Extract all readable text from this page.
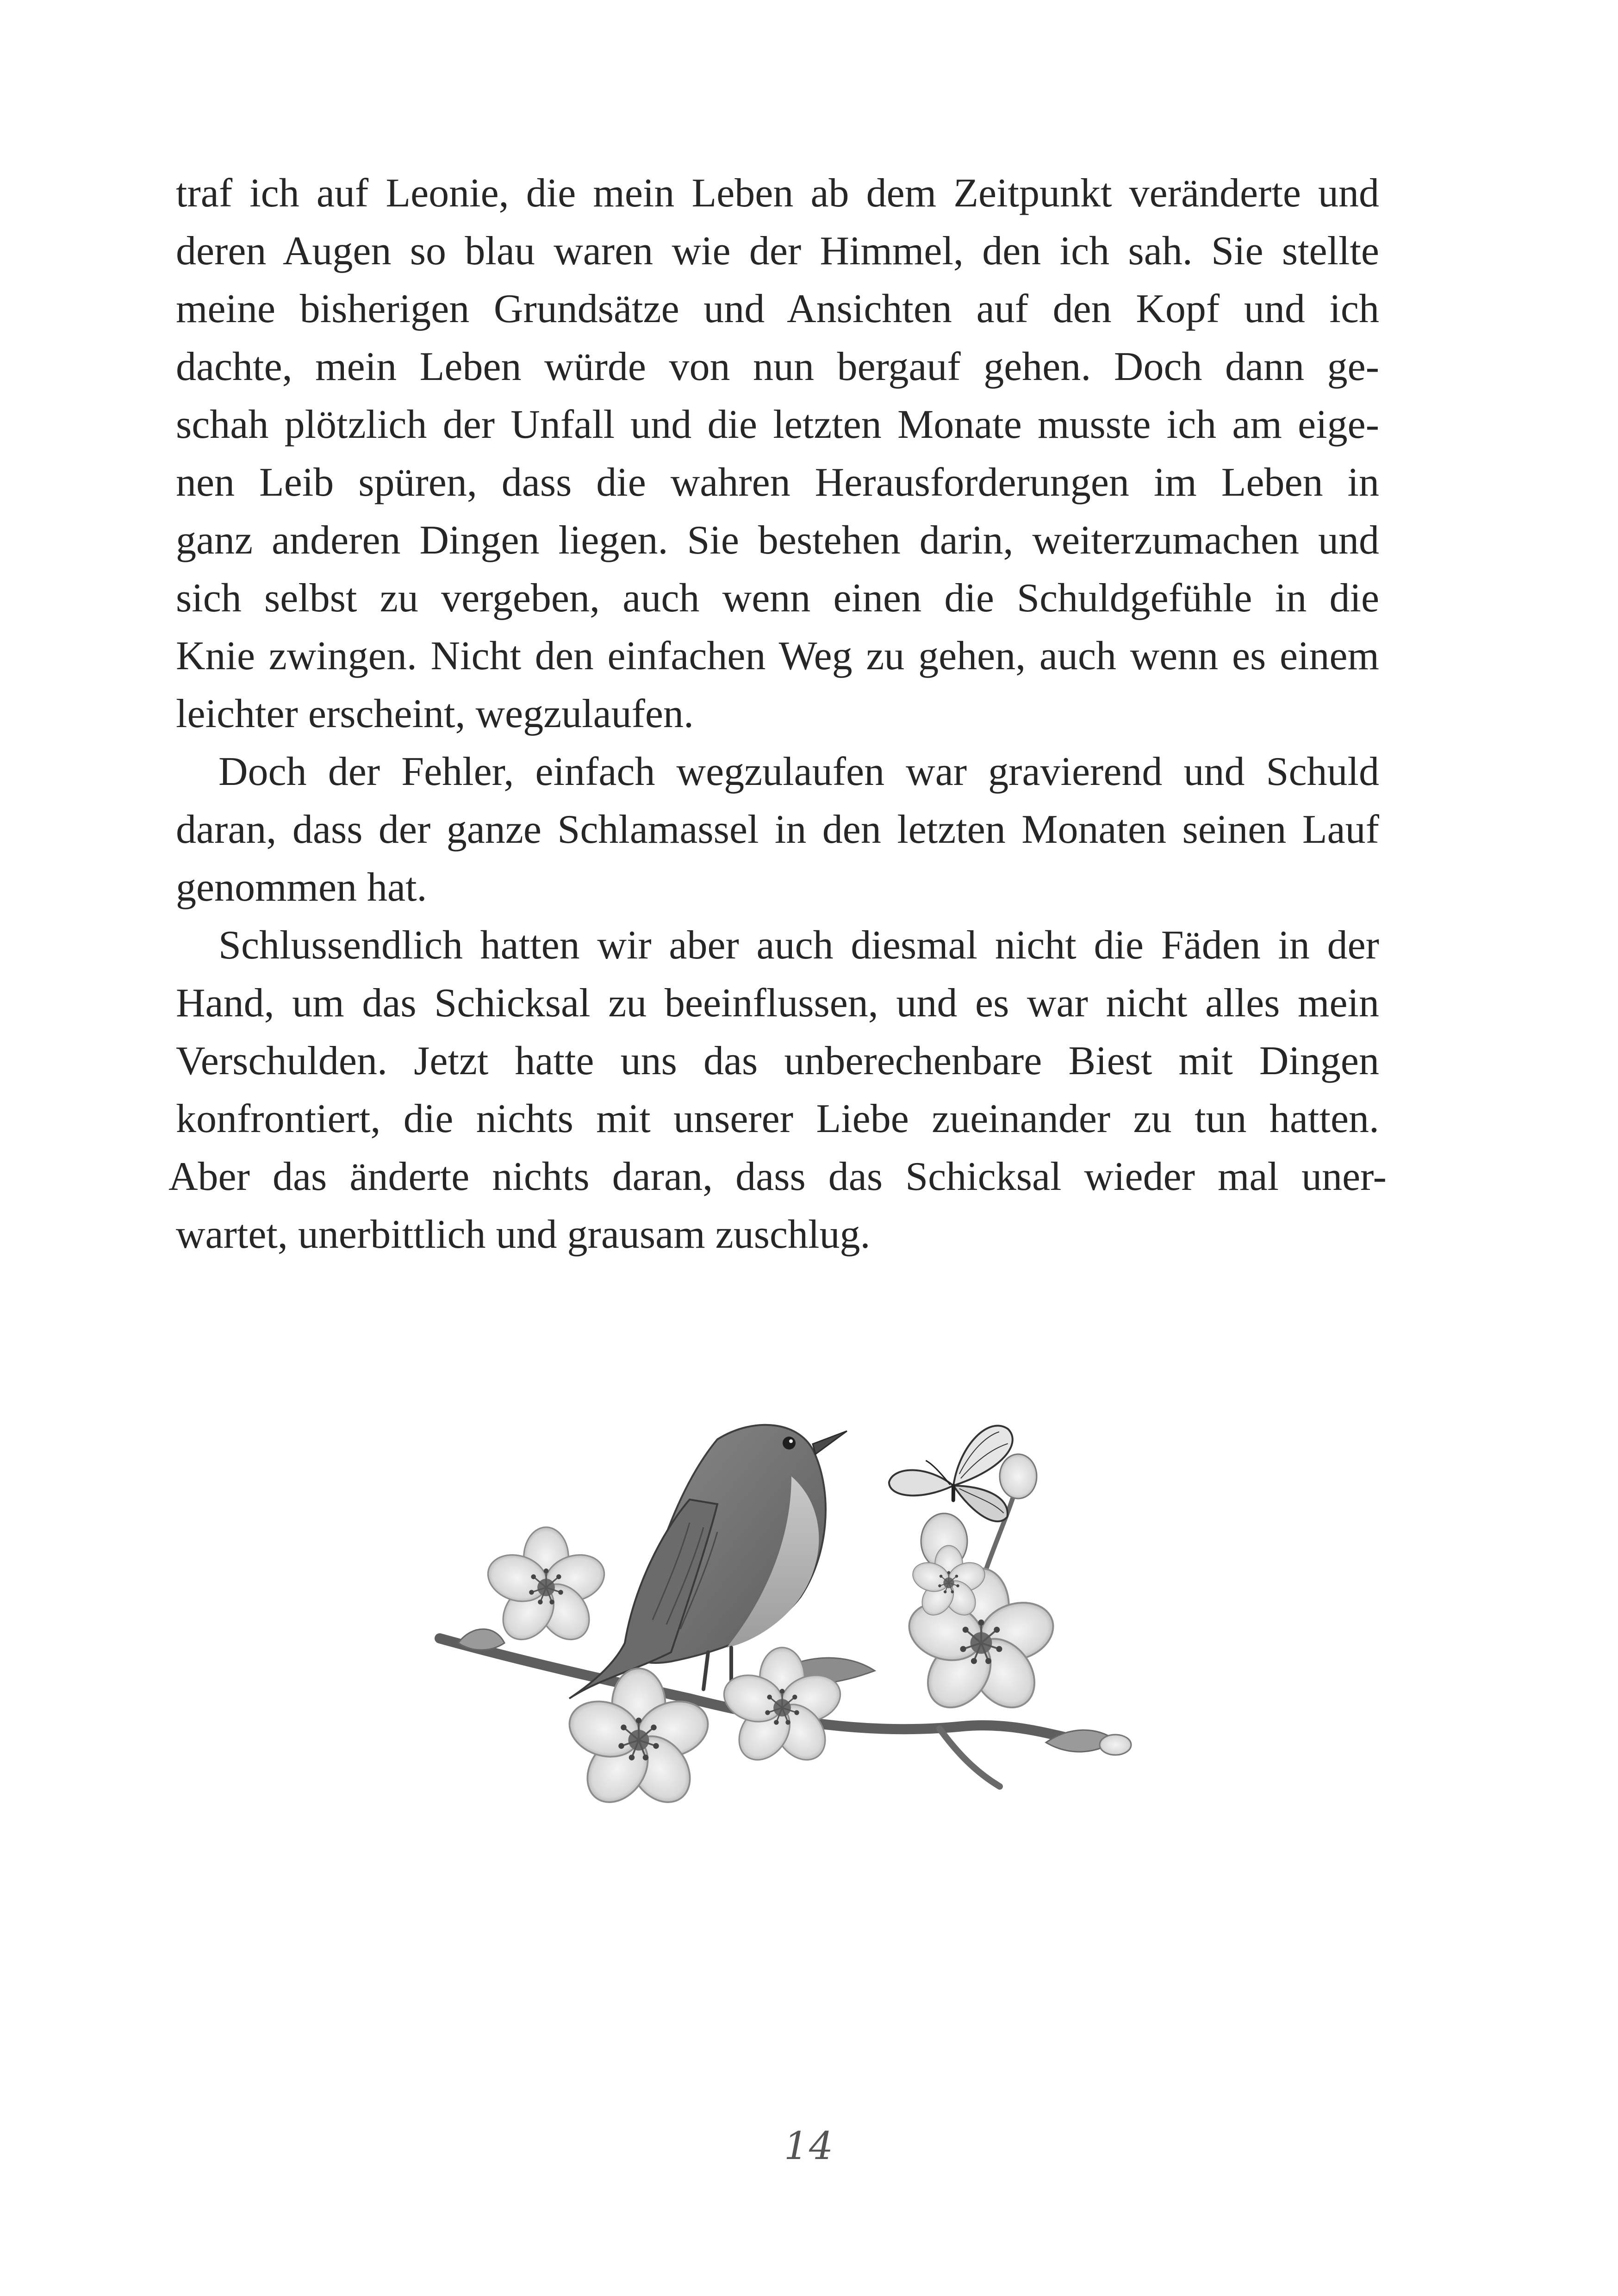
traf ich auf Leonie, die mein Leben ab dem Zeitpunkt veränderte und
deren Augen so blau waren wie der Himmel, den ich sah. Sie stellte
meine bisherigen Grundsätze und Ansichten auf den Kopf und ich
dachte, mein Leben würde von nun bergauf gehen. Doch dann ge-
schah plötzlich der Unfall und die letzten Monate musste ich am eige-
nen Leib spüren, dass die wahren Herausforderungen im Leben in
ganz anderen Dingen liegen. Sie bestehen darin, weiterzumachen und
sich selbst zu vergeben, auch wenn einen die Schuldgefühle in die
Knie zwingen. Nicht den einfachen Weg zu gehen, auch wenn es einem
leichter erscheint, wegzulaufen.
Doch der Fehler, einfach wegzulaufen war gravierend und Schuld
daran, dass der ganze Schlamassel in den letzten Monaten seinen Lauf
genommen hat.
Schlussendlich hatten wir aber auch diesmal nicht die Fäden in der
Hand, um das Schicksal zu beeinflussen, und es war nicht alles mein
Verschulden. Jetzt hatte uns das unberechenbare Biest mit Dingen
konfrontiert, die nichts mit unserer Liebe zueinander zu tun hatten.
Aber das änderte nichts daran, dass das Schicksal wieder mal uner-
wartet, unerbittlich und grausam zuschlug.
14
